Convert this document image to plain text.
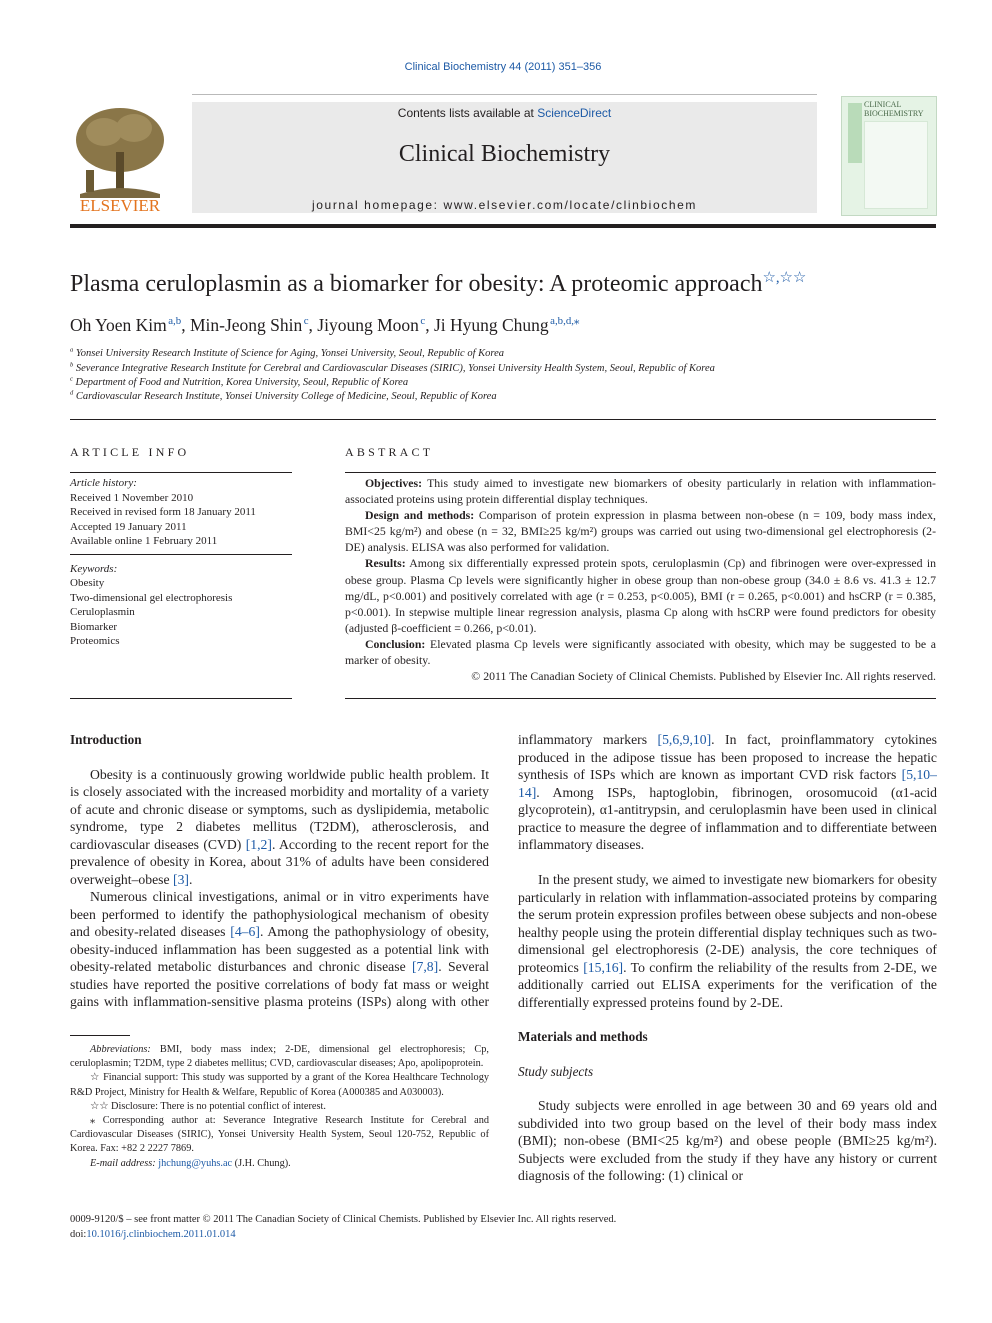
Clinical Biochemistry 44 (2011) 351–356
ELSEVIER
Contents lists available at ScienceDirect
Clinical Biochemistry
journal homepage: www.elsevier.com/locate/clinbiochem
CLINICAL BIOCHEMISTRY
Plasma ceruloplasmin as a biomarker for obesity: A proteomic approach☆,☆☆
Oh Yoen Kim $^{a,b}$, Min-Jeong Shin $^c$, Jiyoung Moon $^c$, Ji Hyung Chung $^{a,b,d,⁎}$
$^a$ Yonsei University Research Institute of Science for Aging, Yonsei University, Seoul, Republic of Korea
$^b$ Severance Integrative Research Institute for Cerebral and Cardiovascular Diseases (SIRIC), Yonsei University Health System, Seoul, Republic of Korea
$^c$ Department of Food and Nutrition, Korea University, Seoul, Republic of Korea
$^d$ Cardiovascular Research Institute, Yonsei University College of Medicine, Seoul, Republic of Korea
ARTICLE INFO
Article history:
Received 1 November 2010
Received in revised form 18 January 2011
Accepted 19 January 2011
Available online 1 February 2011
Keywords:
Obesity
Two-dimensional gel electrophoresis
Ceruloplasmin
Biomarker
Proteomics
ABSTRACT

Objectives: This study aimed to investigate new biomarkers of obesity particularly in relation with inflammation-associated proteins using protein differential display techniques.

Design and methods: Comparison of protein expression in plasma between non-obese (n = 109, body mass index, BMI<25 kg/m²) and obese (n = 32, BMI≥25 kg/m²) groups was carried out using two-dimensional gel electrophoresis (2-DE) analysis. ELISA was also performed for validation.

Results: Among six differentially expressed protein spots, ceruloplasmin (Cp) and fibrinogen were over-expressed in obese group. Plasma Cp levels were significantly higher in obese group than non-obese group (34.0 ± 8.6 vs. 41.3 ± 12.7 mg/dL, p<0.001) and positively correlated with age (r = 0.253, p<0.005), BMI (r = 0.265, p<0.001) and hsCRP (r = 0.385, p<0.001). In stepwise multiple linear regression analysis, plasma Cp along with hsCRP were found predictors for obesity (adjusted β-coefficient = 0.266, p<0.01).

Conclusion: Elevated plasma Cp levels were significantly associated with obesity, which may be suggested to be a marker of obesity.

© 2011 The Canadian Society of Clinical Chemists. Published by Elsevier Inc. All rights reserved.

Introduction

Obesity is a continuously growing worldwide public health problem. It is closely associated with the increased morbidity and mortality of a variety of acute and chronic disease or symptoms, such as dyslipidemia, metabolic syndrome, type 2 diabetes mellitus (T2DM), atherosclerosis, and cardiovascular diseases (CVD) [1,2]. According to the recent report for the prevalence of obesity in Korea, about 31% of adults have been considered overweight–obese [3].

Numerous clinical investigations, animal or in vitro experiments have been performed to identify the pathophysiological mechanism of obesity and obesity-related diseases [4–6]. Among the pathophysiology of obesity, obesity-induced inflammation has been suggested as a potential link with obesity-related metabolic disturbances and chronic disease [7,8]. Several studies have reported the positive correlations of body fat mass or weight gains with inflammation-sensitive plasma proteins (ISPs) along with other

Abbreviations: BMI, body mass index; 2-DE, dimensional gel electrophoresis; Cp, ceruloplasmin; T2DM, type 2 diabetes mellitus; CVD, cardiovascular diseases; Apo, apolipoprotein.

☆ Financial support: This study was supported by a grant of the Korea Healthcare Technology R&D Project, Ministry for Health & Welfare, Republic of Korea (A000385 and A030003).

☆☆ Disclosure: There is no potential conflict of interest.

⁎ Corresponding author at: Severance Integrative Research Institute for Cerebral and Cardiovascular Diseases (SIRIC), Yonsei University Health System, Seoul 120-752, Republic of Korea. Fax: +82 2 2227 7869.

E-mail address: jhchung@yuhs.ac (J.H. Chung).

0009-9120/$ – see front matter © 2011 The Canadian Society of Clinical Chemists. Published by Elsevier Inc. All rights reserved.
doi:10.1016/j.clinbiochem.2011.01.014

inflammatory markers [5,6,9,10]. In fact, proinflammatory cytokines produced in the adipose tissue has been proposed to increase the hepatic synthesis of ISPs which are known as important CVD risk factors [5,10–14]. Among ISPs, haptoglobin, fibrinogen, orosomucoid (α1-acid glycoprotein), α1-antitrypsin, and ceruloplasmin have been used in clinical practice to measure the degree of inflammation and to differentiate between inflammatory diseases.

In the present study, we aimed to investigate new biomarkers for obesity particularly in relation with inflammation-associated proteins by comparing the serum protein expression profiles between obese subjects and non-obese healthy people using the protein differential display techniques such as two-dimensional gel electrophoresis (2-DE) analysis, the core techniques of proteomics [15,16]. To confirm the reliability of the results from 2-DE, we additionally carried out ELISA experiments for the verification of the differentially expressed proteins found by 2-DE.

Materials and methods

Study subjects

Study subjects were enrolled in age between 30 and 69 years old and subdivided into two group based on the level of their body mass index (BMI); non-obese (BMI<25 kg/m²) and obese people (BMI≥25 kg/m²). Subjects were excluded from the study if they have any history or current diagnosis of the following: (1) clinical or
